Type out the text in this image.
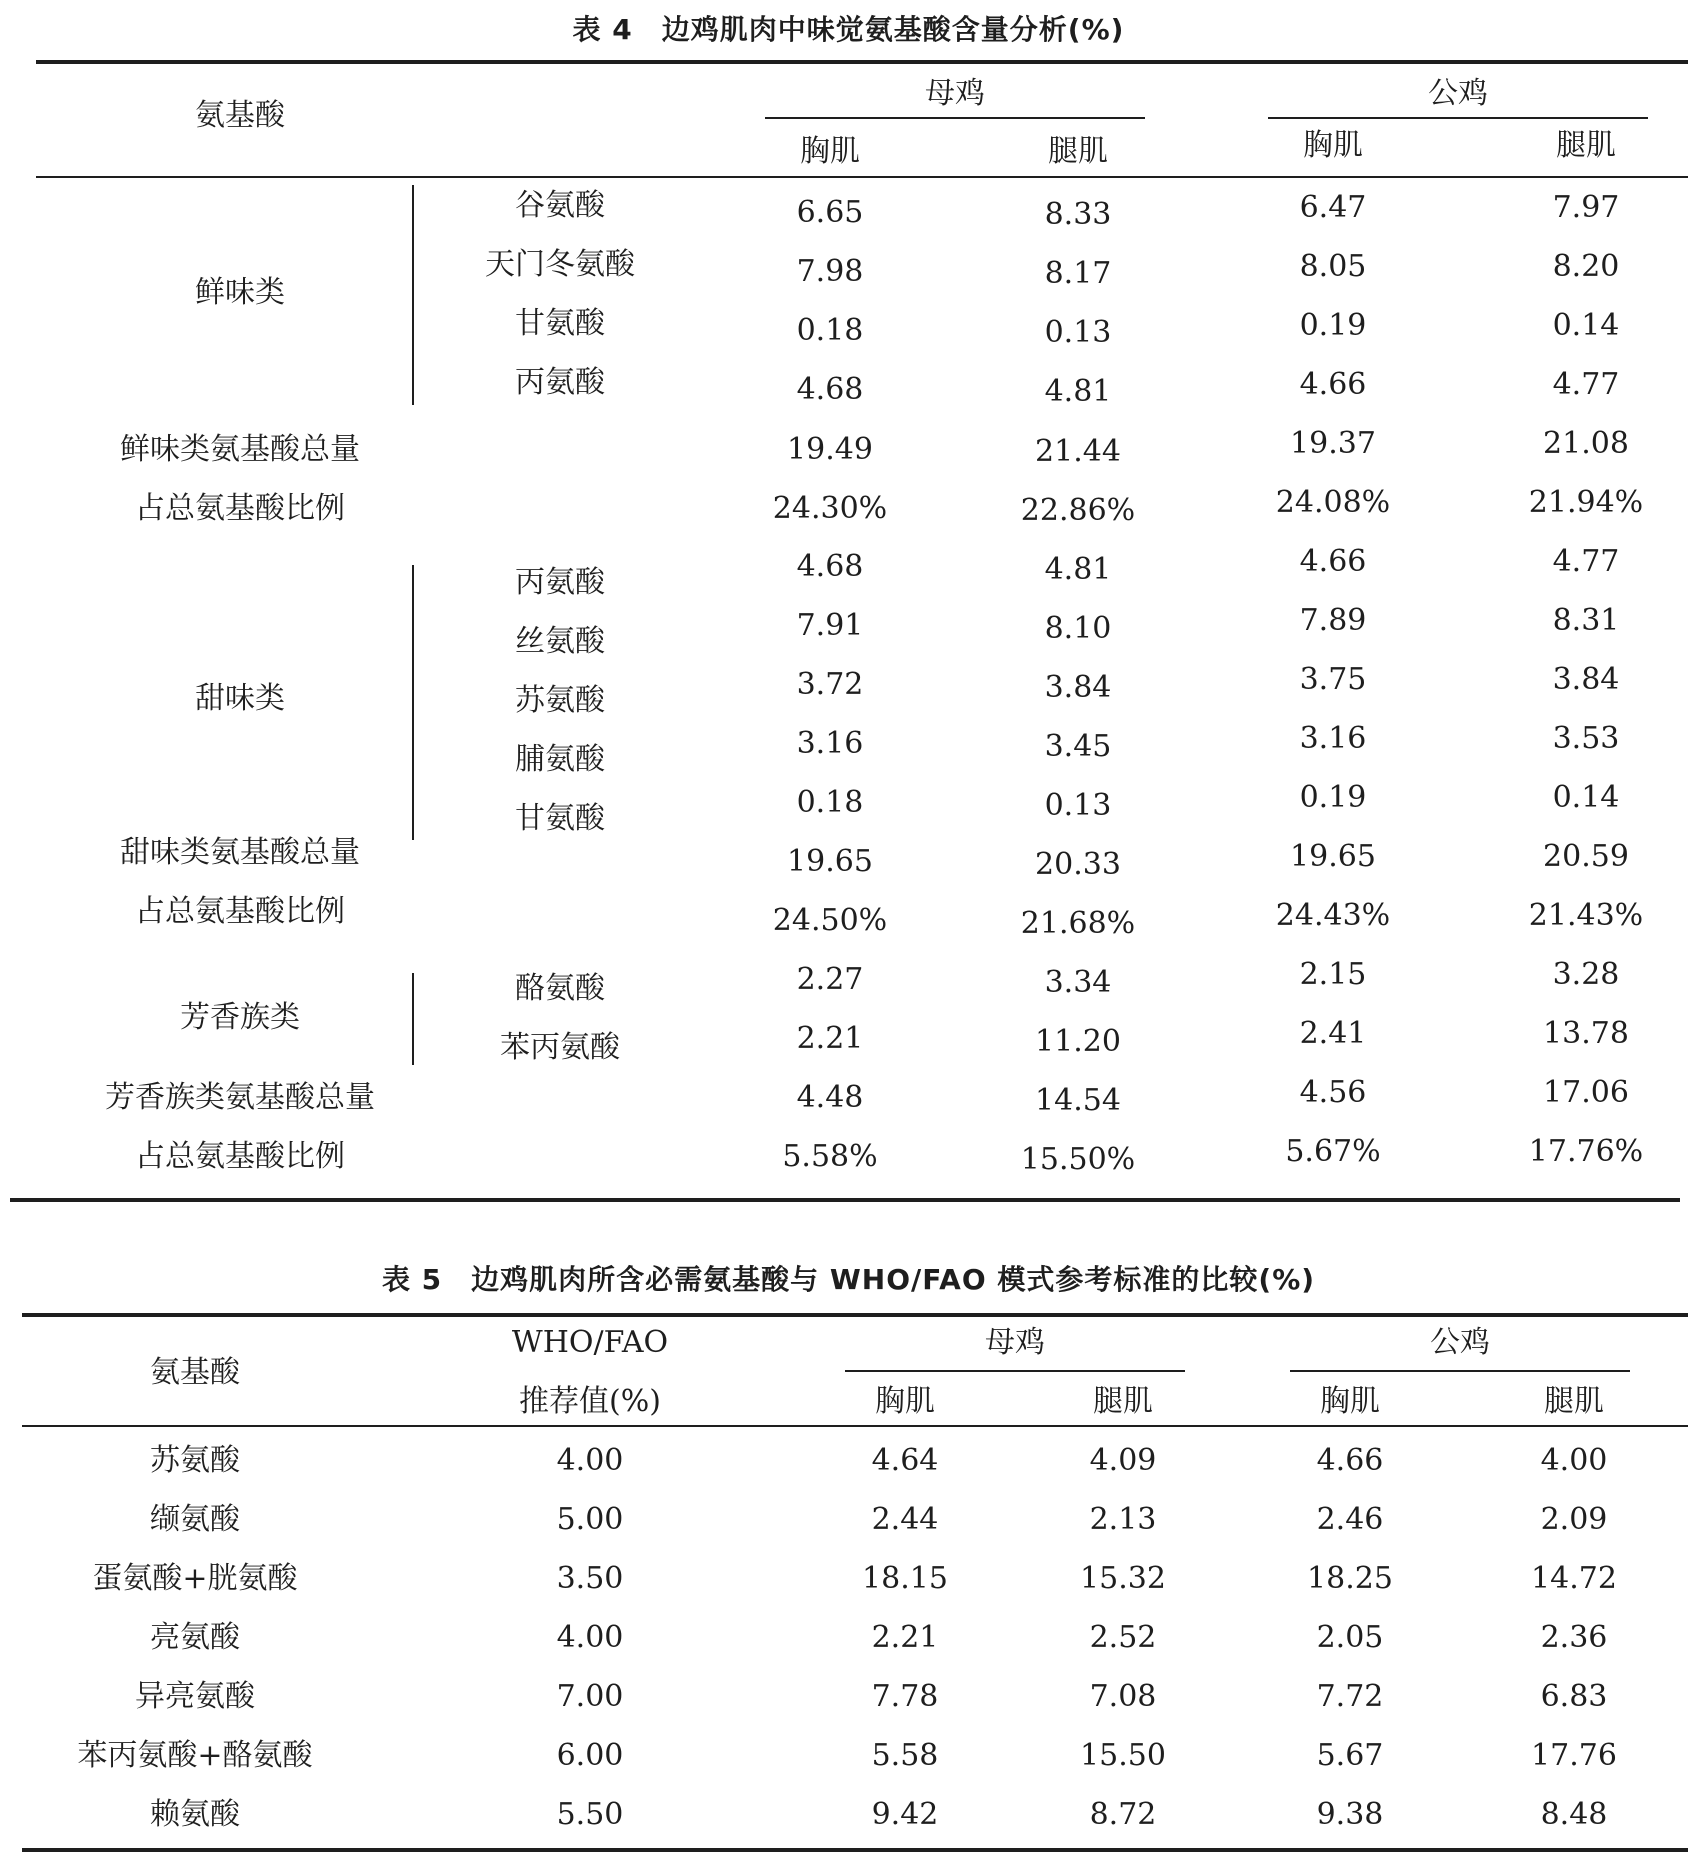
表 4　边鸡肌肉中味觉氨基酸含量分析(%)
氨基酸
母鸡	公鸡
胸肌	腿肌	胸肌	腿肌
鲜味类
谷氨酸	6.65	8.33	6.47	7.97
天门冬氨酸	7.98	8.17	8.05	8.20
甘氨酸	0.18	0.13	0.19	0.14
丙氨酸	4.68	4.81	4.66	4.77
鲜味类氨基酸总量	19.49	21.44	19.37	21.08
占总氨基酸比例	24.30%	22.86%	24.08%	21.94%
甜味类
丙氨酸	4.68	4.81	4.66	4.77
丝氨酸	7.91	8.10	7.89	8.31
苏氨酸	3.72	3.84	3.75	3.84
脯氨酸	3.16	3.45	3.16	3.53
甘氨酸	0.18	0.13	0.19	0.14
甜味类氨基酸总量	19.65	20.33	19.65	20.59
占总氨基酸比例	24.50%	21.68%	24.43%	21.43%
芳香族类
酪氨酸	2.27	3.34	2.15	3.28
苯丙氨酸	2.21	11.20	2.41	13.78
芳香族类氨基酸总量	4.48	14.54	4.56	17.06
占总氨基酸比例	5.58%	15.50%	5.67%	17.76%
表 5　边鸡肌肉所含必需氨基酸与 WHO/FAO 模式参考标准的比较(%)
氨基酸
WHO/FAO
推荐值(%)
母鸡	公鸡
胸肌	腿肌	胸肌	腿肌
苏氨酸	4.00	4.64	4.09	4.66	4.00
缬氨酸	5.00	2.44	2.13	2.46	2.09
蛋氨酸+胱氨酸	3.50	18.15	15.32	18.25	14.72
亮氨酸	4.00	2.21	2.52	2.05	2.36
异亮氨酸	7.00	7.78	7.08	7.72	6.83
苯丙氨酸+酪氨酸	6.00	5.58	15.50	5.67	17.76
赖氨酸	5.50	9.42	8.72	9.38	8.48
